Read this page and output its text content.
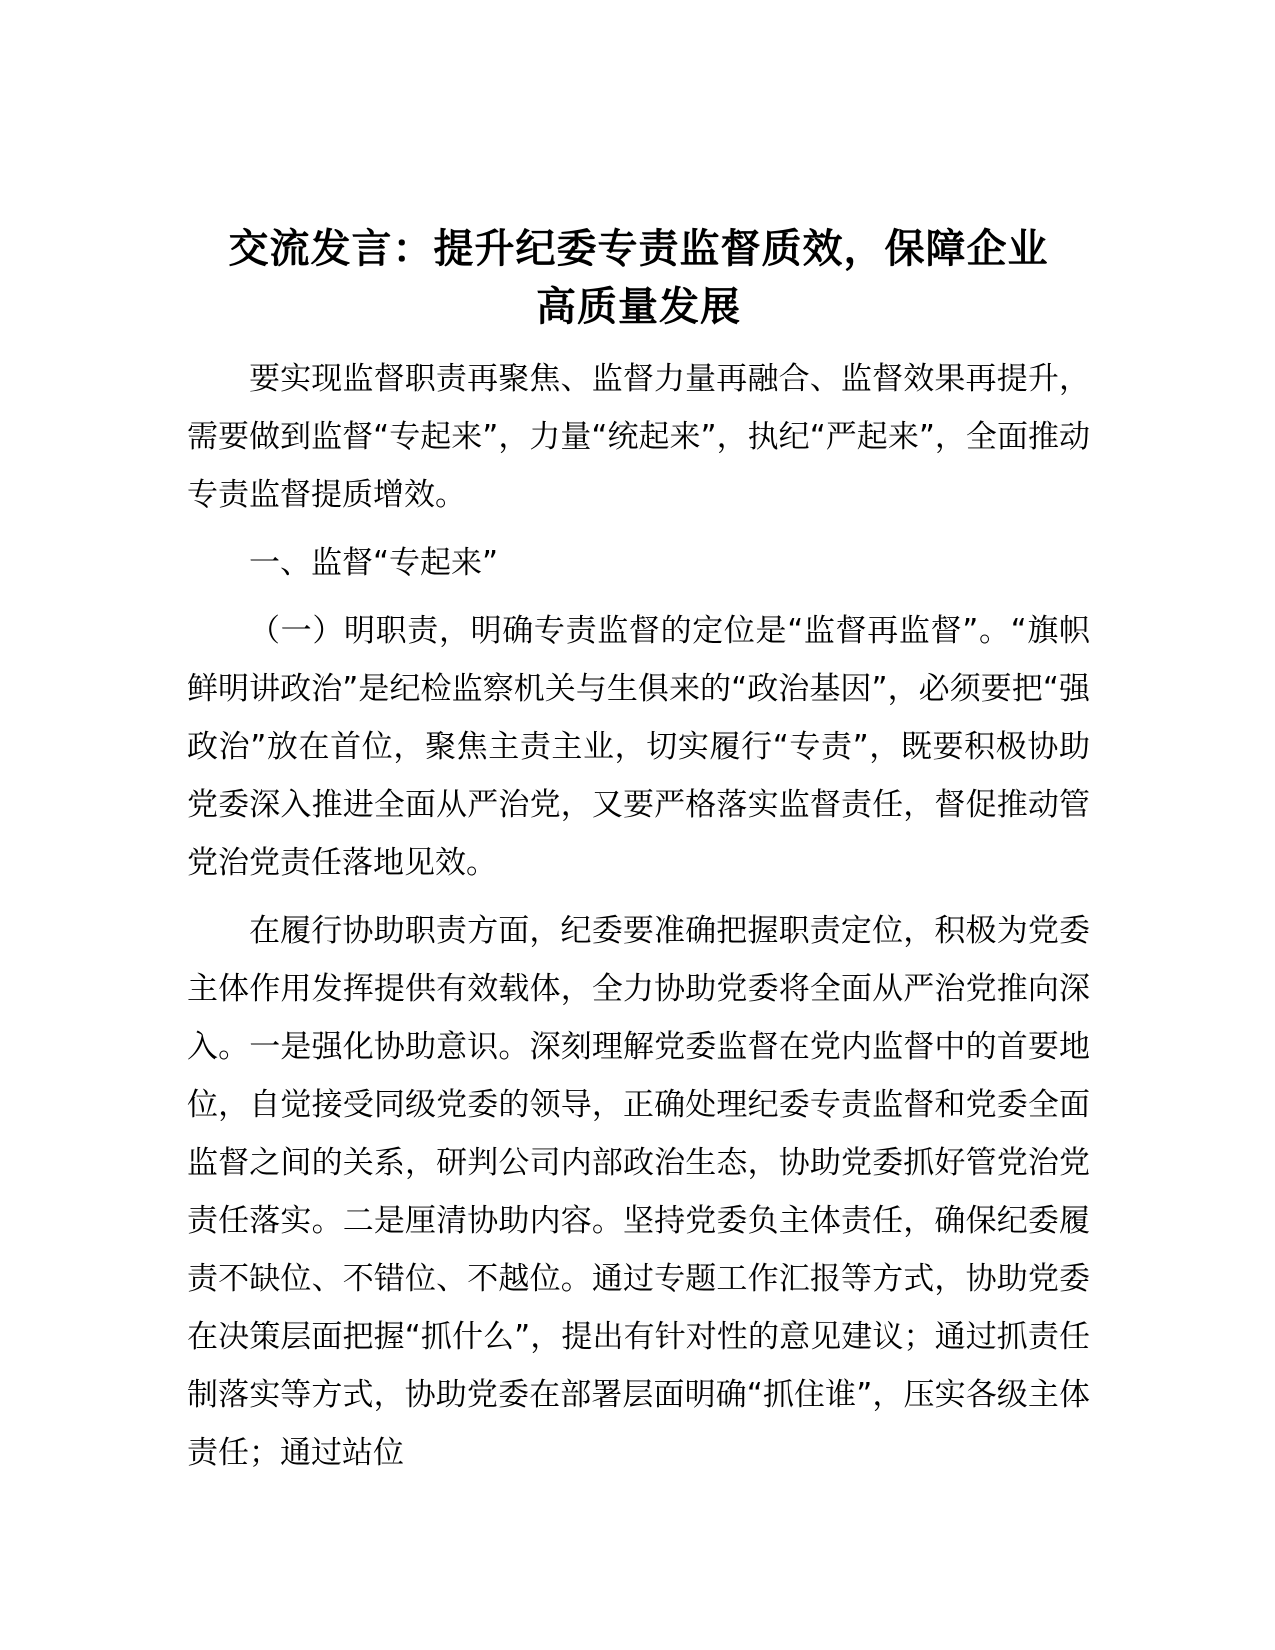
交流发言：提升纪委专责监督质效，保障企业
高质量发展

要实现监督职责再聚焦、监督力量再融合、监督效果再提升，需要做到监督“专起来”，力量“统起来”，执纪“严起来”，全面推动专责监督提质增效。

一、监督“专起来”

（一）明职责，明确专责监督的定位是“监督再监督”。“旗帜鲜明讲政治”是纪检监察机关与生俱来的“政治基因”，必须要把“强政治”放在首位，聚焦主责主业，切实履行“专责”，既要积极协助党委深入推进全面从严治党，又要严格落实监督责任，督促推动管党治党责任落地见效。

在履行协助职责方面，纪委要准确把握职责定位，积极为党委主体作用发挥提供有效载体，全力协助党委将全面从严治党推向深入。一是强化协助意识。深刻理解党委监督在党内监督中的首要地位，自觉接受同级党委的领导，正确处理纪委专责监督和党委全面监督之间的关系，研判公司内部政治生态，协助党委抓好管党治党责任落实。二是厘清协助内容。坚持党委负主体责任，确保纪委履责不缺位、不错位、不越位。通过专题工作汇报等方式，协助党委在决策层面把握“抓什么”，提出有针对性的意见建议；通过抓责任制落实等方式，协助党委在部署层面明确“抓住谁”，压实各级主体责任；通过站位
